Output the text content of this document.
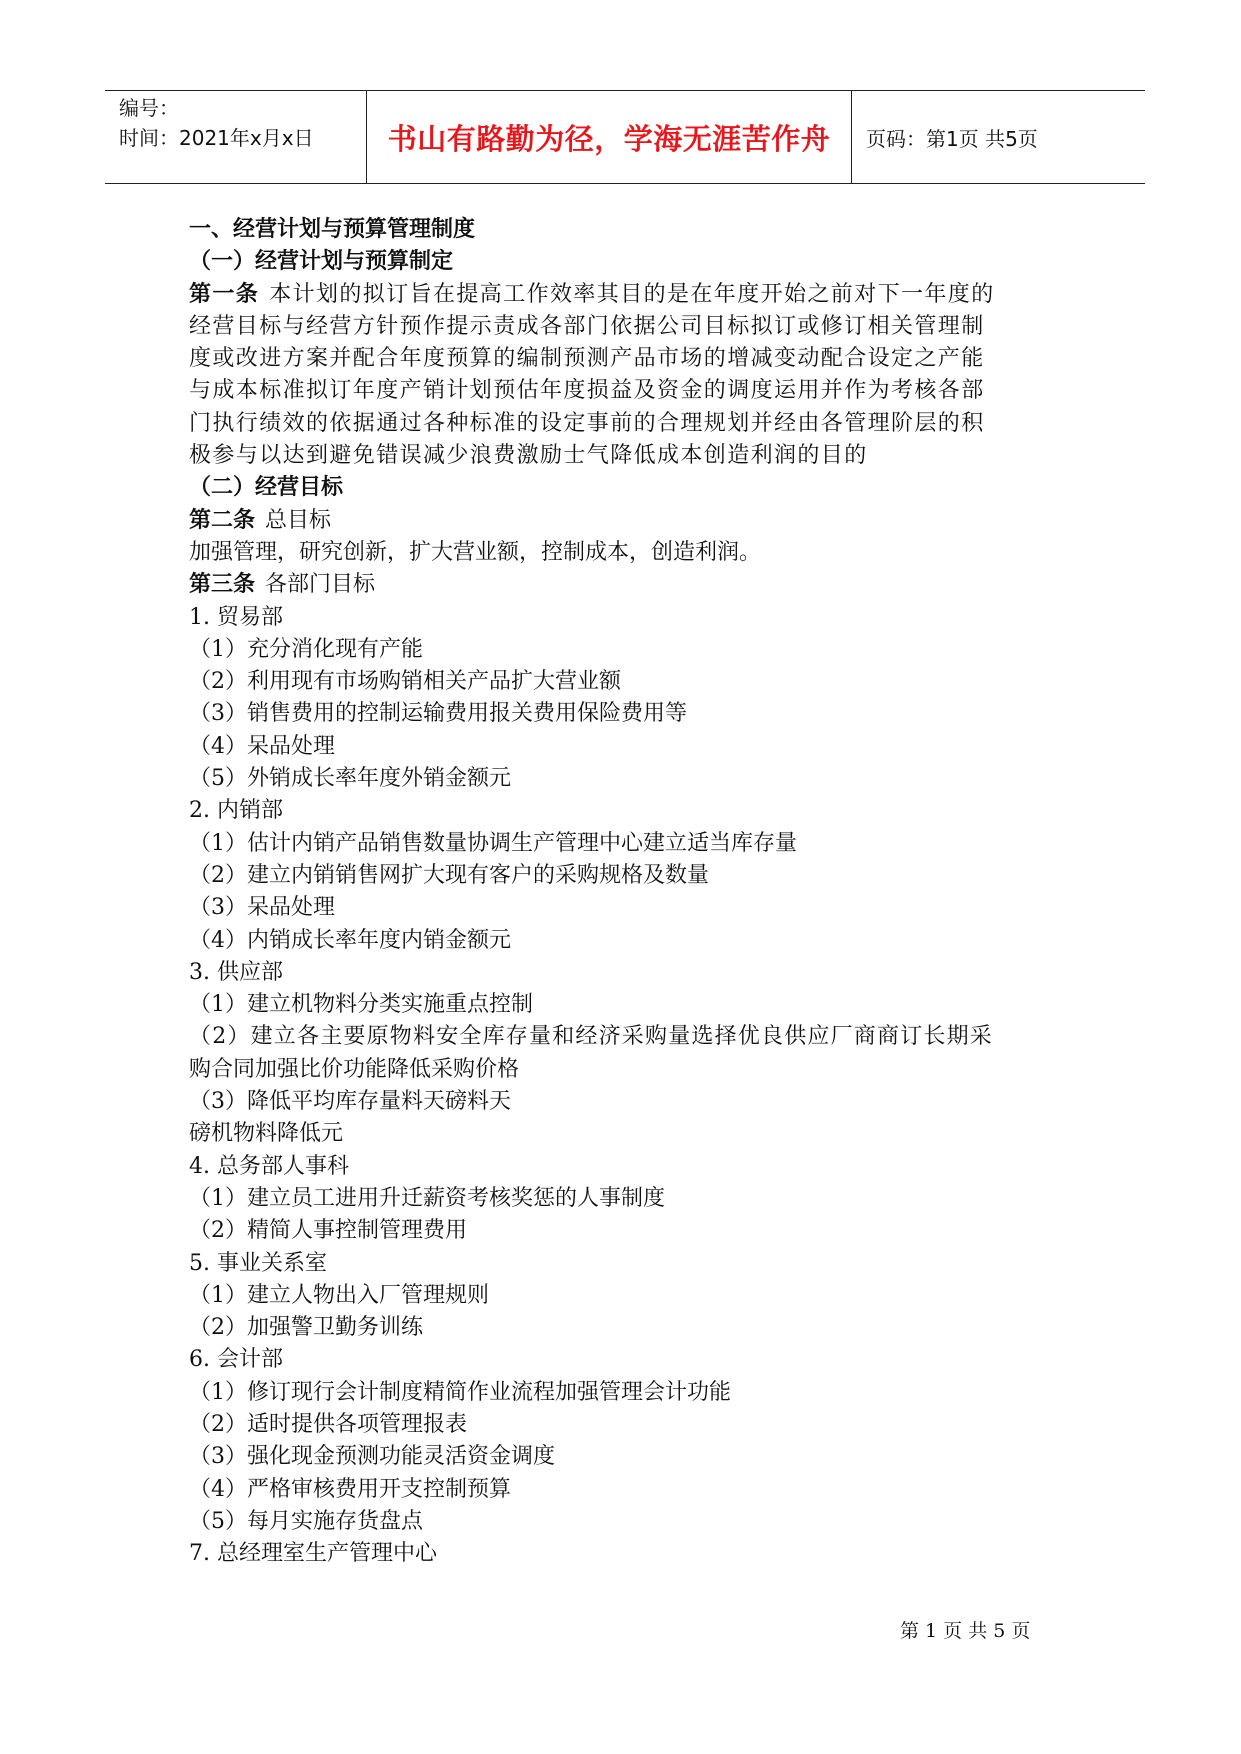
编号：
时间：2021年x月x日	书山有路勤为径，学海无涯苦作舟 页码：第1页 共5页
一、经营计划与预算管理制度
（一）经营计划与预算制定
第一条 本计划的拟订旨在提高工作效率其目的是在年度开始之前对下一年度的
经营目标与经营方针预作提示责成各部门依据公司目标拟订或修订相关管理制
度或改进方案并配合年度预算的编制预测产品市场的增减变动配合设定之产能
与成本标准拟订年度产销计划预估年度损益及资金的调度运用并作为考核各部
门执行绩效的依据通过各种标准的设定事前的合理规划并经由各管理阶层的积
极参与以达到避免错误减少浪费激励士气降低成本创造利润的目的
（二）经营目标
第二条 总目标
加强管理，研究创新，扩大营业额，控制成本，创造利润。
第三条 各部门目标
1. 贸易部
（1）充分消化现有产能
（2）利用现有市场购销相关产品扩大营业额
（3）销售费用的控制运输费用报关费用保险费用等
（4）呆品处理
（5）外销成长率年度外销金额元
2. 内销部
（1）估计内销产品销售数量协调生产管理中心建立适当库存量
（2）建立内销销售网扩大现有客户的采购规格及数量
（3）呆品处理
（4）内销成长率年度内销金额元
3. 供应部
（1）建立机物料分类实施重点控制
（2）建立各主要原物料安全库存量和经济采购量选择优良供应厂商商订长期采
购合同加强比价功能降低采购价格
（3）降低平均库存量料天磅料天
磅机物料降低元
4. 总务部人事科
（1）建立员工进用升迁薪资考核奖惩的人事制度
（2）精简人事控制管理费用
5. 事业关系室
（1）建立人物出入厂管理规则
（2）加强警卫勤务训练
6. 会计部
（1）修订现行会计制度精简作业流程加强管理会计功能
（2）适时提供各项管理报表
（3）强化现金预测功能灵活资金调度
（4）严格审核费用开支控制预算
（5）每月实施存货盘点
7. 总经理室生产管理中心
第 1 页 共 5 页
